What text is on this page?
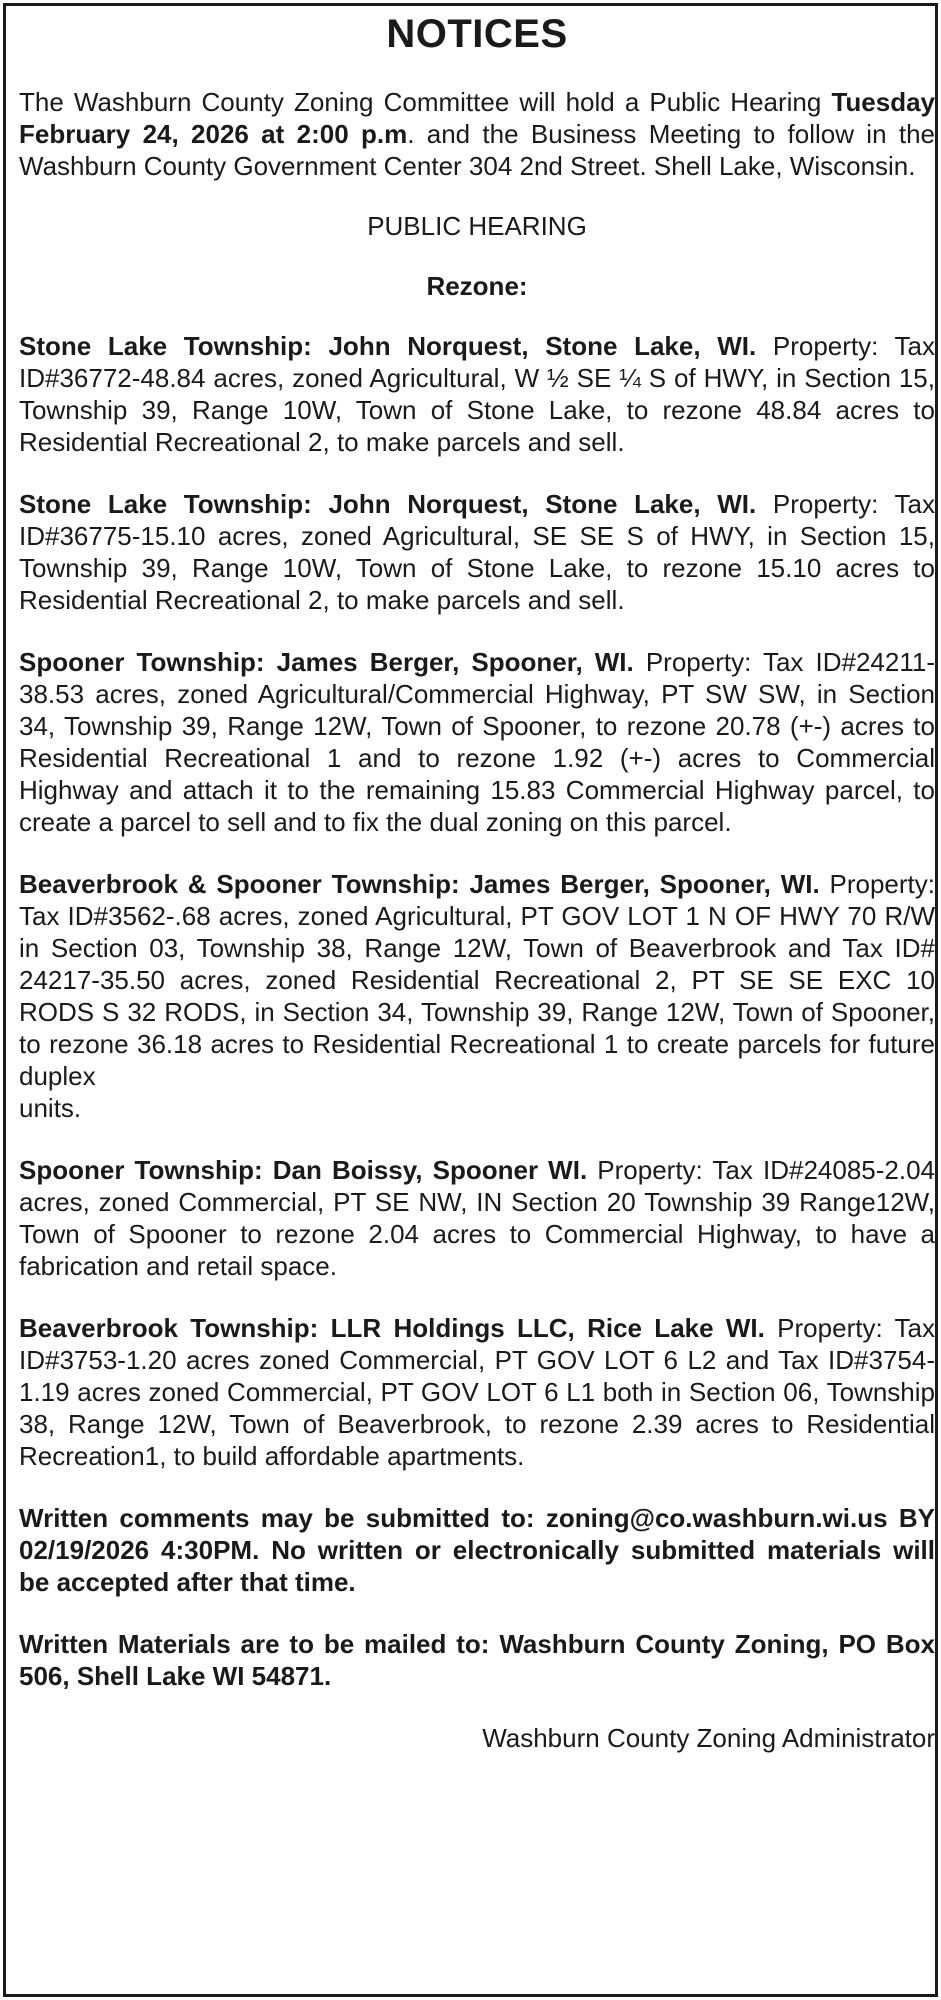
NOTICES

The Washburn County Zoning Committee will hold a Public Hearing Tuesday February 24, 2026 at 2:00 p.m. and the Business Meeting to follow in the Washburn County Government Center 304 2nd Street. Shell Lake, Wisconsin.

PUBLIC HEARING

Rezone:

Stone Lake Township: John Norquest, Stone Lake, WI. Property: Tax ID#36772-48.84 acres, zoned Agricultural, W ½ SE ¼ S of HWY, in Section 15, Township 39, Range 10W, Town of Stone Lake, to rezone 48.84 acres to Residential Recreational 2, to make parcels and sell.

Stone Lake Township: John Norquest, Stone Lake, WI. Property: Tax ID#36775-15.10 acres, zoned Agricultural, SE SE S of HWY, in Section 15, Township 39, Range 10W, Town of Stone Lake, to rezone 15.10 acres to Residential Recreational 2, to make parcels and sell.

Spooner Township: James Berger, Spooner, WI. Property: Tax ID#24211-38.53 acres, zoned Agricultural/Commercial Highway, PT SW SW, in Section 34, Township 39, Range 12W, Town of Spooner, to rezone 20.78 (+-) acres to Residential Recreational 1 and to rezone 1.92 (+-) acres to Commercial Highway and attach it to the remaining 15.83 Commercial Highway parcel, to create a parcel to sell and to fix the dual zoning on this parcel.

Beaverbrook & Spooner Township: James Berger, Spooner, WI. Property: Tax ID#3562-.68 acres, zoned Agricultural, PT GOV LOT 1 N OF HWY 70 R/W in Section 03, Township 38, Range 12W, Town of Beaverbrook and Tax ID# 24217-35.50 acres, zoned Residential Recreational 2, PT SE SE EXC 10 RODS S 32 RODS, in Section 34, Township 39, Range 12W, Town of Spooner, to rezone 36.18 acres to Residential Recreational 1 to create parcels for future duplex
units.

Spooner Township: Dan Boissy, Spooner WI. Property: Tax ID#24085-2.04 acres, zoned Commercial, PT SE NW, IN Section 20 Township 39 Range12W, Town of Spooner to rezone 2.04 acres to Commercial Highway, to have a fabrication and retail space.

Beaverbrook Township: LLR Holdings LLC, Rice Lake WI. Property: Tax ID#3753-1.20 acres zoned Commercial, PT GOV LOT 6 L2 and Tax ID#3754-1.19 acres zoned Commercial, PT GOV LOT 6 L1 both in Section 06, Township 38, Range 12W, Town of Beaverbrook, to rezone 2.39 acres to Residential Recreation1, to build affordable apartments.

Written comments may be submitted to: zoning@co.washburn.wi.us BY 02/19/2026 4:30PM. No written or electronically submitted materials will be accepted after that time.

Written Materials are to be mailed to: Washburn County Zoning, PO Box 506, Shell Lake WI 54871.

Washburn County Zoning Administrator
